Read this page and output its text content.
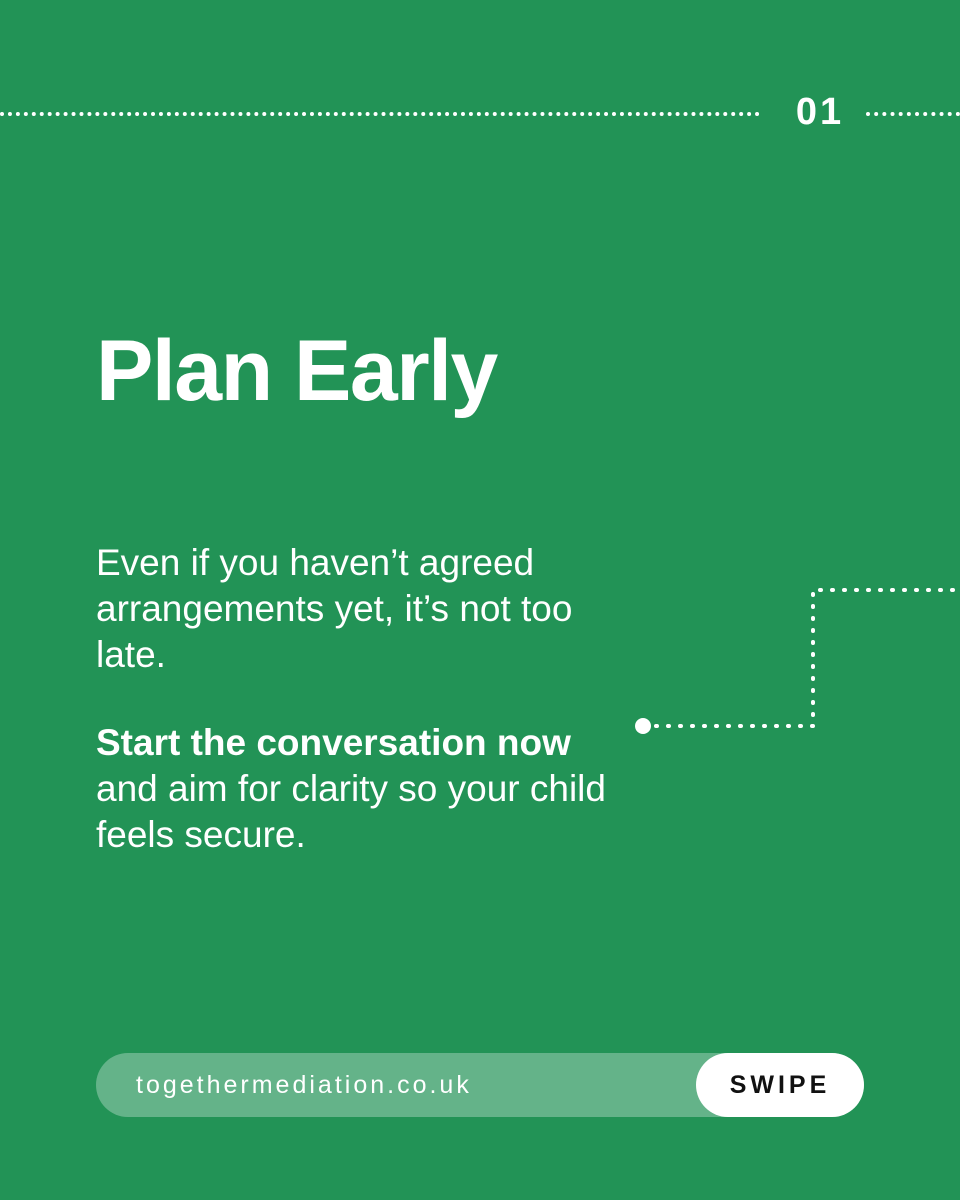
01
Plan Early

Even if you haven’t agreed arrangements yet, it’s not too late.

Start the conversation now and aim for clarity so your child feels secure.

togethermediation.co.uk	SWIPE
